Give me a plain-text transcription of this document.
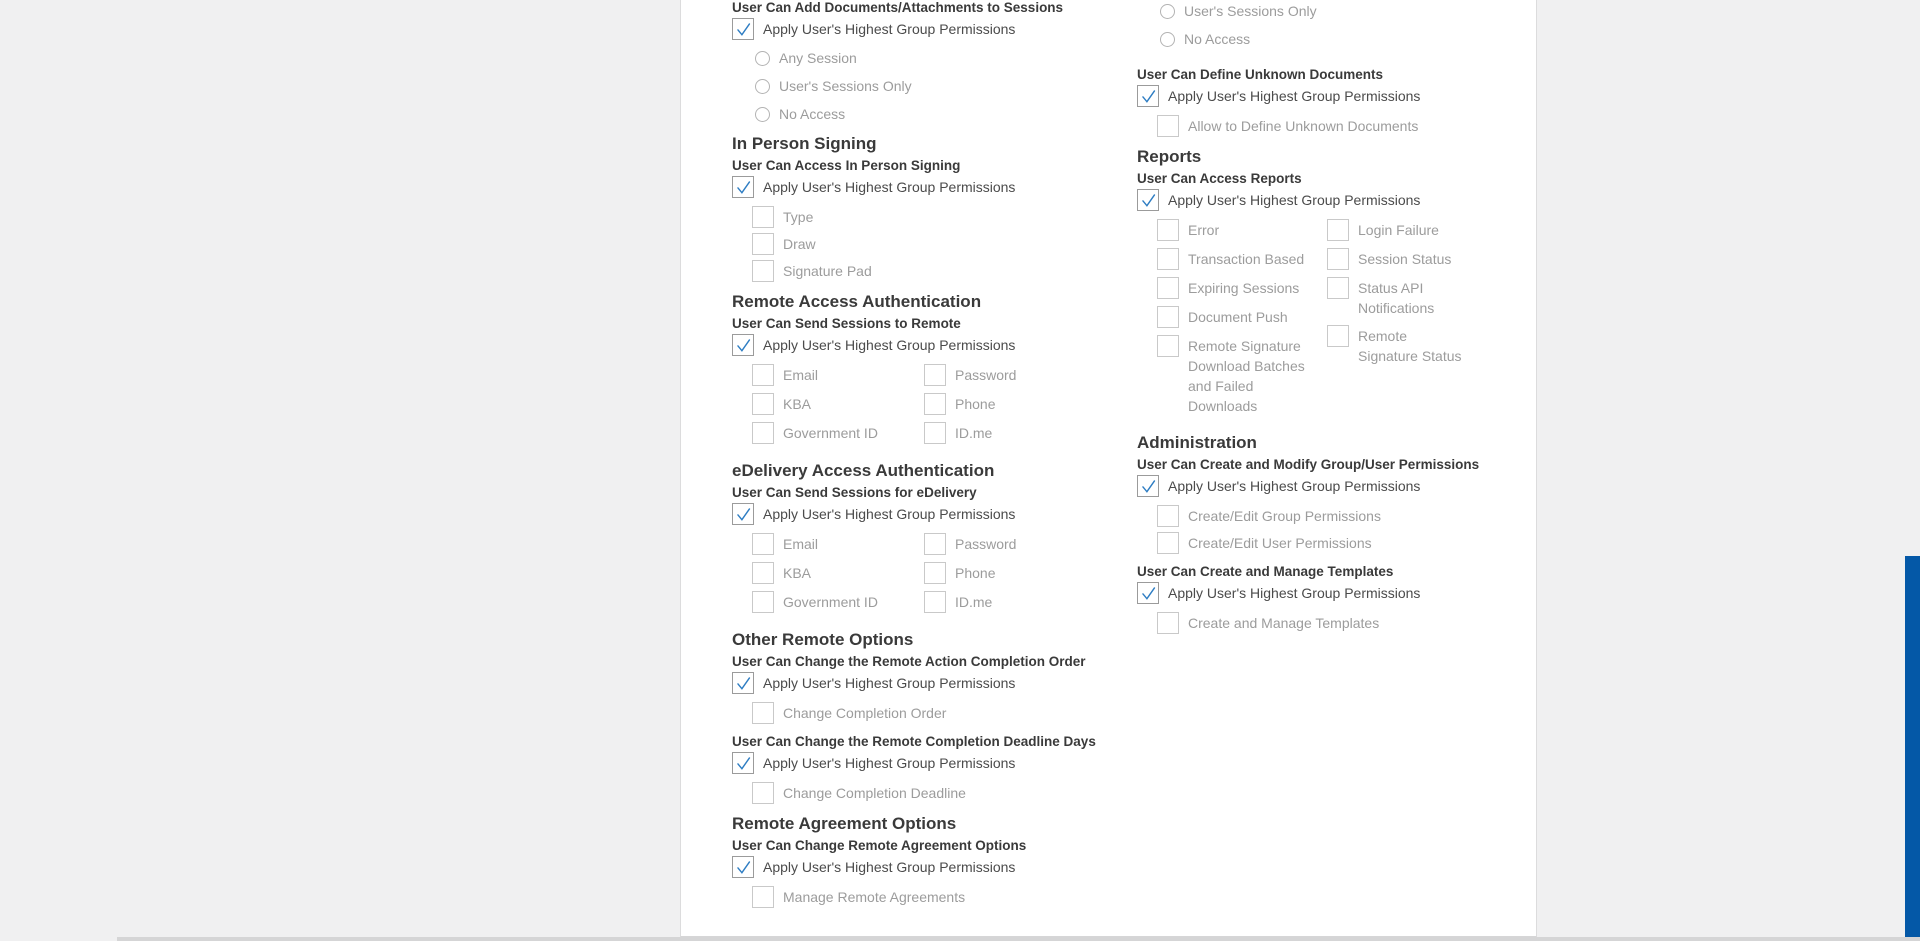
User Can Add Documents/Attachments to Sessions
Apply User's Highest Group Permissions
Any Session
User's Sessions Only
No Access
In Person Signing
User Can Access In Person Signing
Apply User's Highest Group Permissions
Type
Draw
Signature Pad
Remote Access Authentication
User Can Send Sessions to Remote
Apply User's Highest Group Permissions
Email
KBA
Government ID
Password
Phone
ID.me
eDelivery Access Authentication
User Can Send Sessions for eDelivery
Apply User's Highest Group Permissions
Email
KBA
Government ID
Password
Phone
ID.me
Other Remote Options
User Can Change the Remote Action Completion Order
Apply User's Highest Group Permissions
Change Completion Order
User Can Change the Remote Completion Deadline Days
Apply User's Highest Group Permissions
Change Completion Deadline
Remote Agreement Options
User Can Change Remote Agreement Options
Apply User's Highest Group Permissions
Manage Remote Agreements
User's Sessions Only
No Access
User Can Define Unknown Documents
Apply User's Highest Group Permissions
Allow to Define Unknown Documents
Reports
User Can Access Reports
Apply User's Highest Group Permissions
Error
Transaction Based
Expiring Sessions
Document Push
Remote Signature Download Batches and Failed Downloads
Login Failure
Session Status
Status API Notifications
Remote Signature Status
Administration
User Can Create and Modify Group/User Permissions
Apply User's Highest Group Permissions
Create/Edit Group Permissions
Create/Edit User Permissions
User Can Create and Manage Templates
Apply User's Highest Group Permissions
Create and Manage Templates
